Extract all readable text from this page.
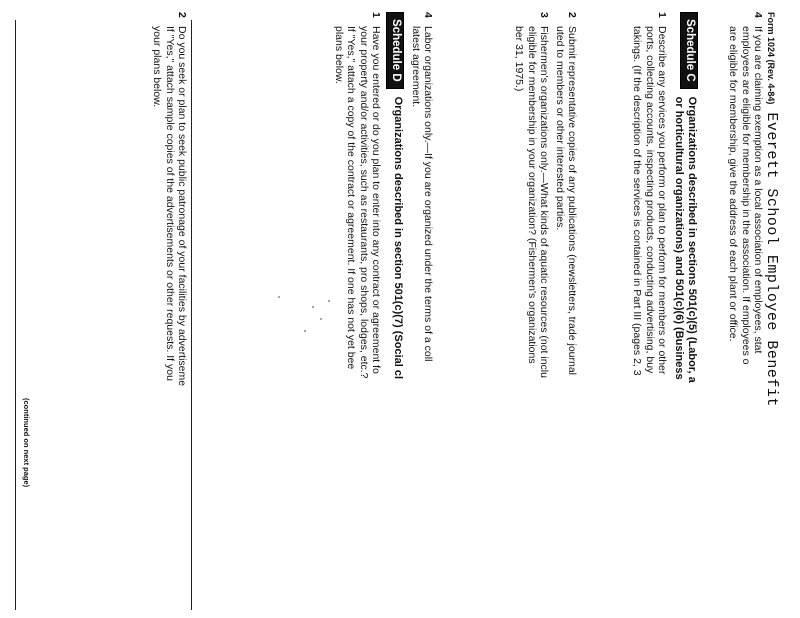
Form 1024 (Rev. 4-84)
Everett School Employee Benefit
4
If you are claiming exemption as a local association of employees, stat
employees are eligible for membership in the association. If employees o
are eligible for membership, give the address of each plant or office.
Schedule C
Organizations described in sections 501(c)(5) (Labor, a
or horticultural organizations) and 501(c)(6) (Business
1
Describe any services you perform or plan to perform for members or other
ports, collecting accounts, inspecting products, conducting advertising, buy
takings. (If the description of the services is contained in Part III (pages 2, 3
2
Submit representative copies of any publications (newsletters, trade journal
uted to members or other interested parties.
3
Fishermen's organizations only.—What kinds of aquatic resources (not inclu
eligible for membership in your organization? (Fishermen's organizations
ber 31, 1975.)
4
Labor organizations only.—If you are organized under the terms of a coll
latest agreement.
Schedule D
Organizations described in section 501(c)(7) (Social cl
1
Have you entered or do you plan to enter into any contract or agreement fo
your property and/or activities, such as restaurants, pro shops, lodges, etc.?
If "Yes," attach a copy of the contract or agreement. If one has not yet bee
plans below.
2
Do you seek or plan to seek public patronage of your facilities by advertiseme
If "Yes," attach sample copies of the advertisements or other requests. If you
your plans below.
(continued on next page)
